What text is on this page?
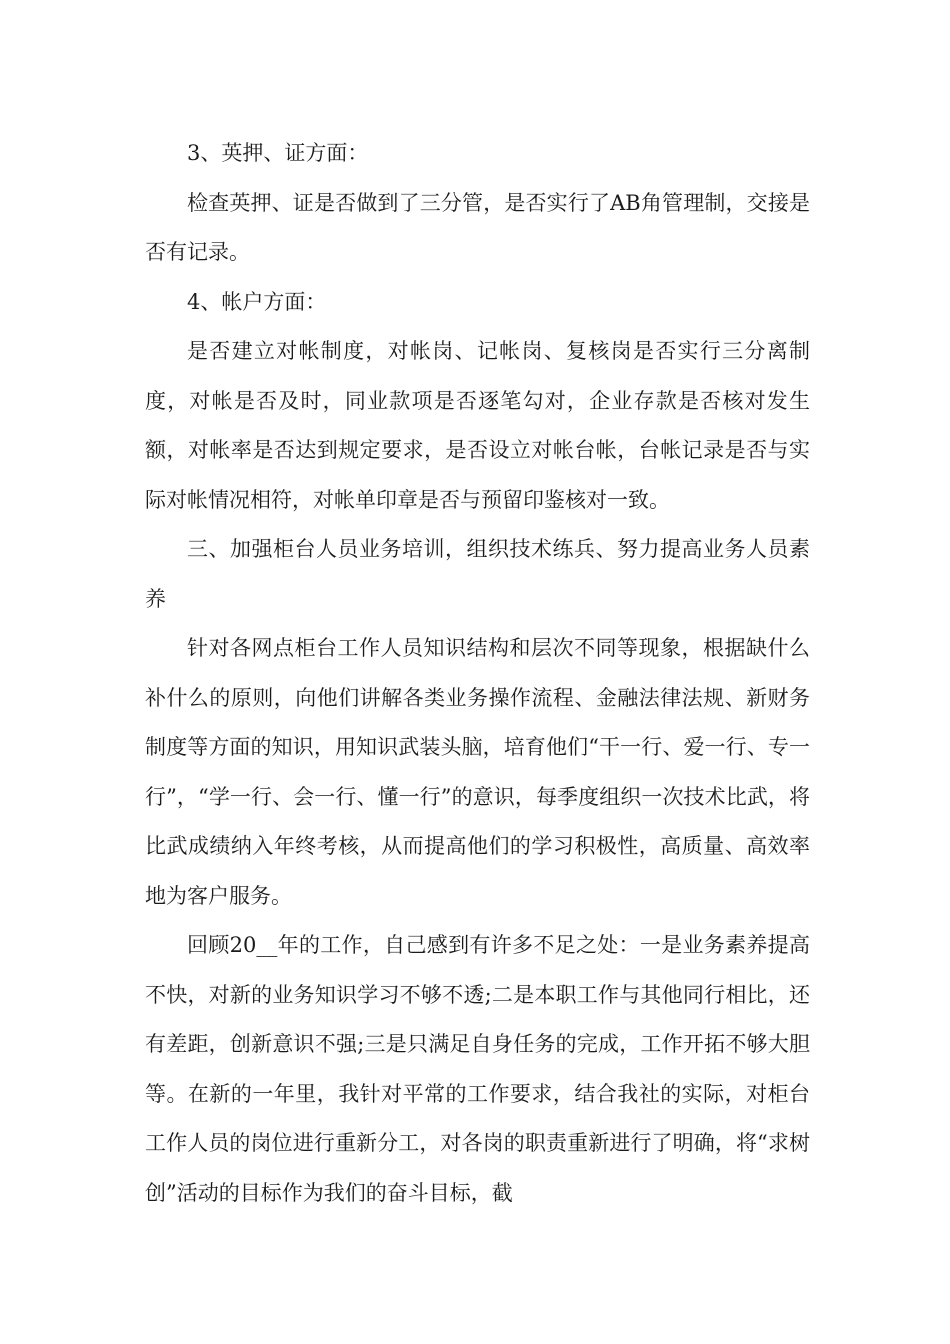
3、英押、证方面：

检查英押、证是否做到了三分管，是否实行了AB角管理制，交接是否有记录。

4、帐户方面：

是否建立对帐制度，对帐岗、记帐岗、复核岗是否实行三分离制度，对帐是否及时，同业款项是否逐笔勾对，企业存款是否核对发生额，对帐率是否达到规定要求，是否设立对帐台帐，台帐记录是否与实际对帐情况相符，对帐单印章是否与预留印鉴核对一致。

三、加强柜台人员业务培训，组织技术练兵、努力提高业务人员素养

针对各网点柜台工作人员知识结构和层次不同等现象，根据缺什么补什么的原则，向他们讲解各类业务操作流程、金融法律法规、新财务制度等方面的知识，用知识武装头脑，培育他们“干一行、爱一行、专一行”，“学一行、会一行、懂一行”的意识，每季度组织一次技术比武，将比武成绩纳入年终考核，从而提高他们的学习积极性，高质量、高效率地为客户服务。

回顾20__年的工作，自己感到有许多不足之处：一是业务素养提高不快，对新的业务知识学习不够不透;二是本职工作与其他同行相比，还有差距，创新意识不强;三是只满足自身任务的完成，工作开拓不够大胆等。在新的一年里，我针对平常的工作要求，结合我社的实际，对柜台工作人员的岗位进行重新分工，对各岗的职责重新进行了明确，将“求树创”活动的目标作为我们的奋斗目标，截
